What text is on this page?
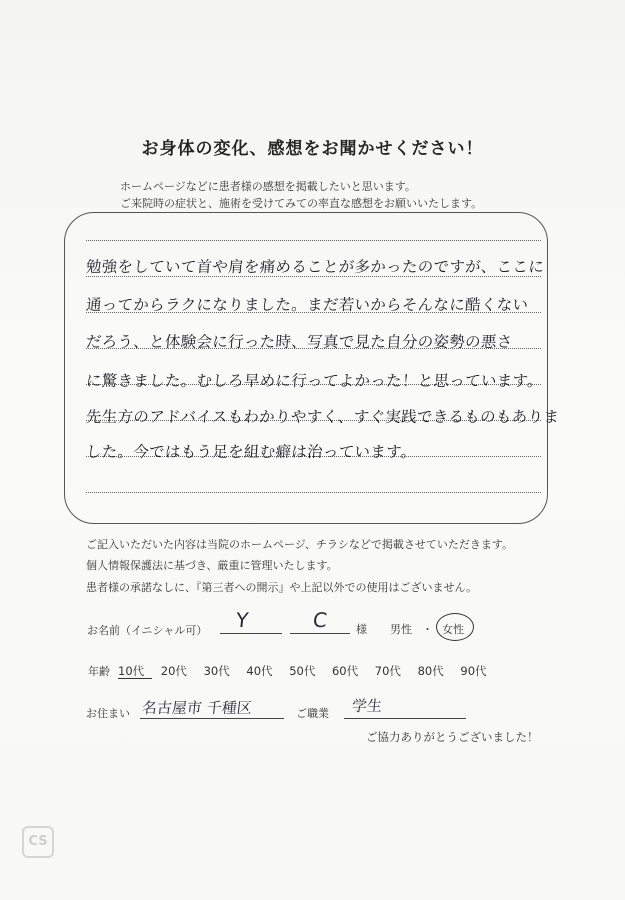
お身体の変化、感想をお聞かせください！
ホームページなどに患者様の感想を掲載したいと思います。
ご来院時の症状と、施術を受けてみての率直な感想をお願いいたします。
勉強をしていて首や肩を痛めることが多かったのですが、ここに
通ってからラクになりました。まだ若いからそんなに酷くない
だろう、と体験会に行った時、写真で見た自分の姿勢の悪さ
に驚きました。むしろ早めに行ってよかった！と思っています。
先生方のアドバイスもわかりやすく、すぐ実践できるものもありま
した。今ではもう足を組む癖は治っています。
ご記入いただいた内容は当院のホームページ、チラシなどで掲載させていただきます。
個人情報保護法に基づき、厳重に管理いたします。
患者様の承諾なしに、『第三者への開示』や上記以外での使用はございません。
お名前（イニシャル可） Y	C	様 男性 ・ 女性
年齢 10代 20代 30代 40代 50代 60代 70代 80代 90代
お住まい 名古屋市 千種区	ご職業 学生
ご協力ありがとうございました！
CS
